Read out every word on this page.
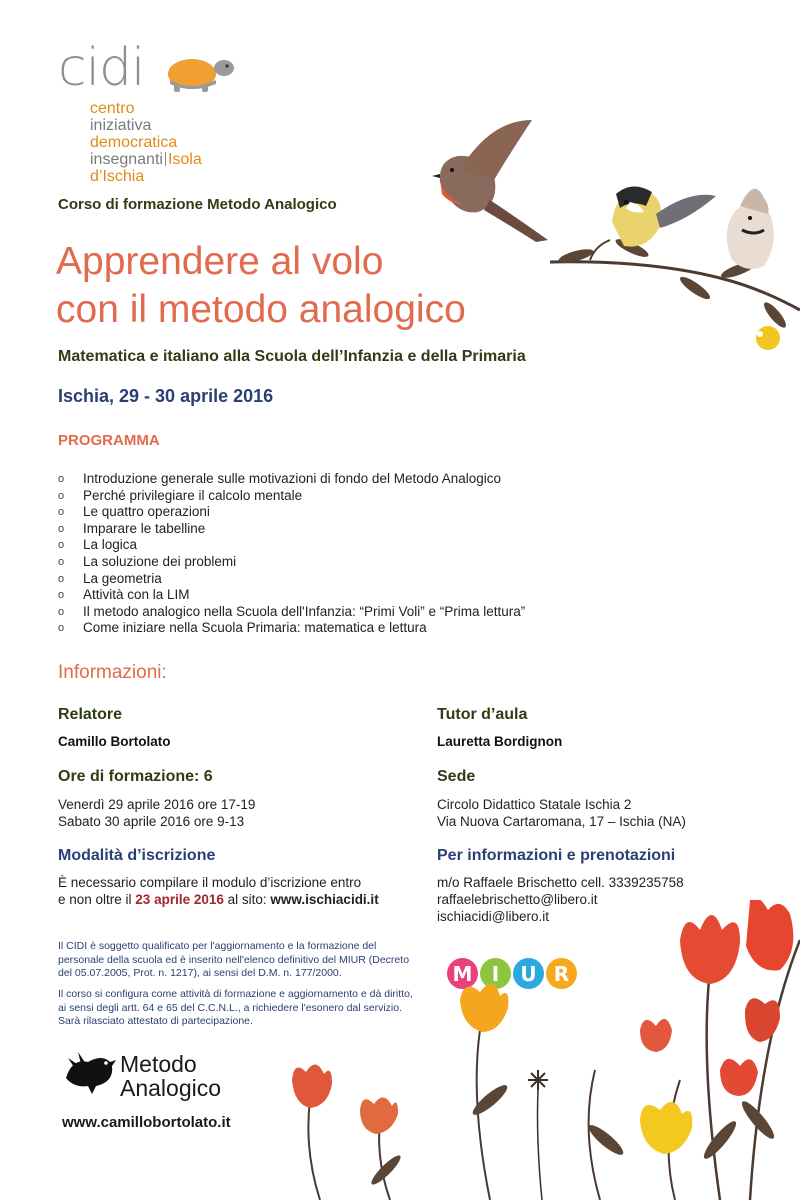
cidi
centro
iniziativa
democratica
insegnanti Isola d’Ischia
Corso di formazione Metodo Analogico
Apprendere al volo
con il metodo analogico
Matematica e italiano alla Scuola dell’Infanzia e della Primaria
Ischia, 29 - 30 aprile 2016
PROGRAMMA
o	Introduzione generale sulle motivazioni di fondo del Metodo Analogico
o	Perché privilegiare il calcolo mentale
o	Le quattro operazioni
o	Imparare le tabelline
o	La logica
o	La soluzione dei problemi
o	La geometria
o	Attività con la LIM
o	Il metodo analogico nella Scuola dell'Infanzia: “Primi Voli” e “Prima lettura”
o	Come iniziare nella Scuola Primaria: matematica e lettura
Informazioni:
Relatore
Camillo Bortolato
Tutor d’aula
Lauretta Bordignon
Ore di formazione: 6
Venerdì 29 aprile 2016 ore 17-19
Sabato 30 aprile 2016 ore 9-13
Sede
Circolo Didattico Statale Ischia 2
Via Nuova Cartaromana, 17 – Ischia (NA)
Modalità d’iscrizione
È necessario compilare il modulo d’iscrizione entro
e non oltre il 23 aprile 2016 al sito: www.ischiacidi.it
Per informazioni e prenotazioni
m/o Raffaele Brischetto cell. 3339235758
raffaelebrischetto@libero.it
ischiacidi@libero.it
Il CIDI è soggetto qualificato per l'aggiornamento e la formazione del personale della scuola ed è inserito nell'elenco definitivo del MIUR (Decreto del 05.07.2005, Prot. n. 1217), ai sensi del D.M. n. 177/2000.
Il corso si configura come attività di formazione e aggiornamento e dà diritto, ai sensi degli artt. 64 e 65 del C.C.N.L., a richiedere l'esonero dal servizio. Sarà rilasciato attestato di partecipazione.
M I	U R
Metodo
Analogico
www.camillobortolato.it
